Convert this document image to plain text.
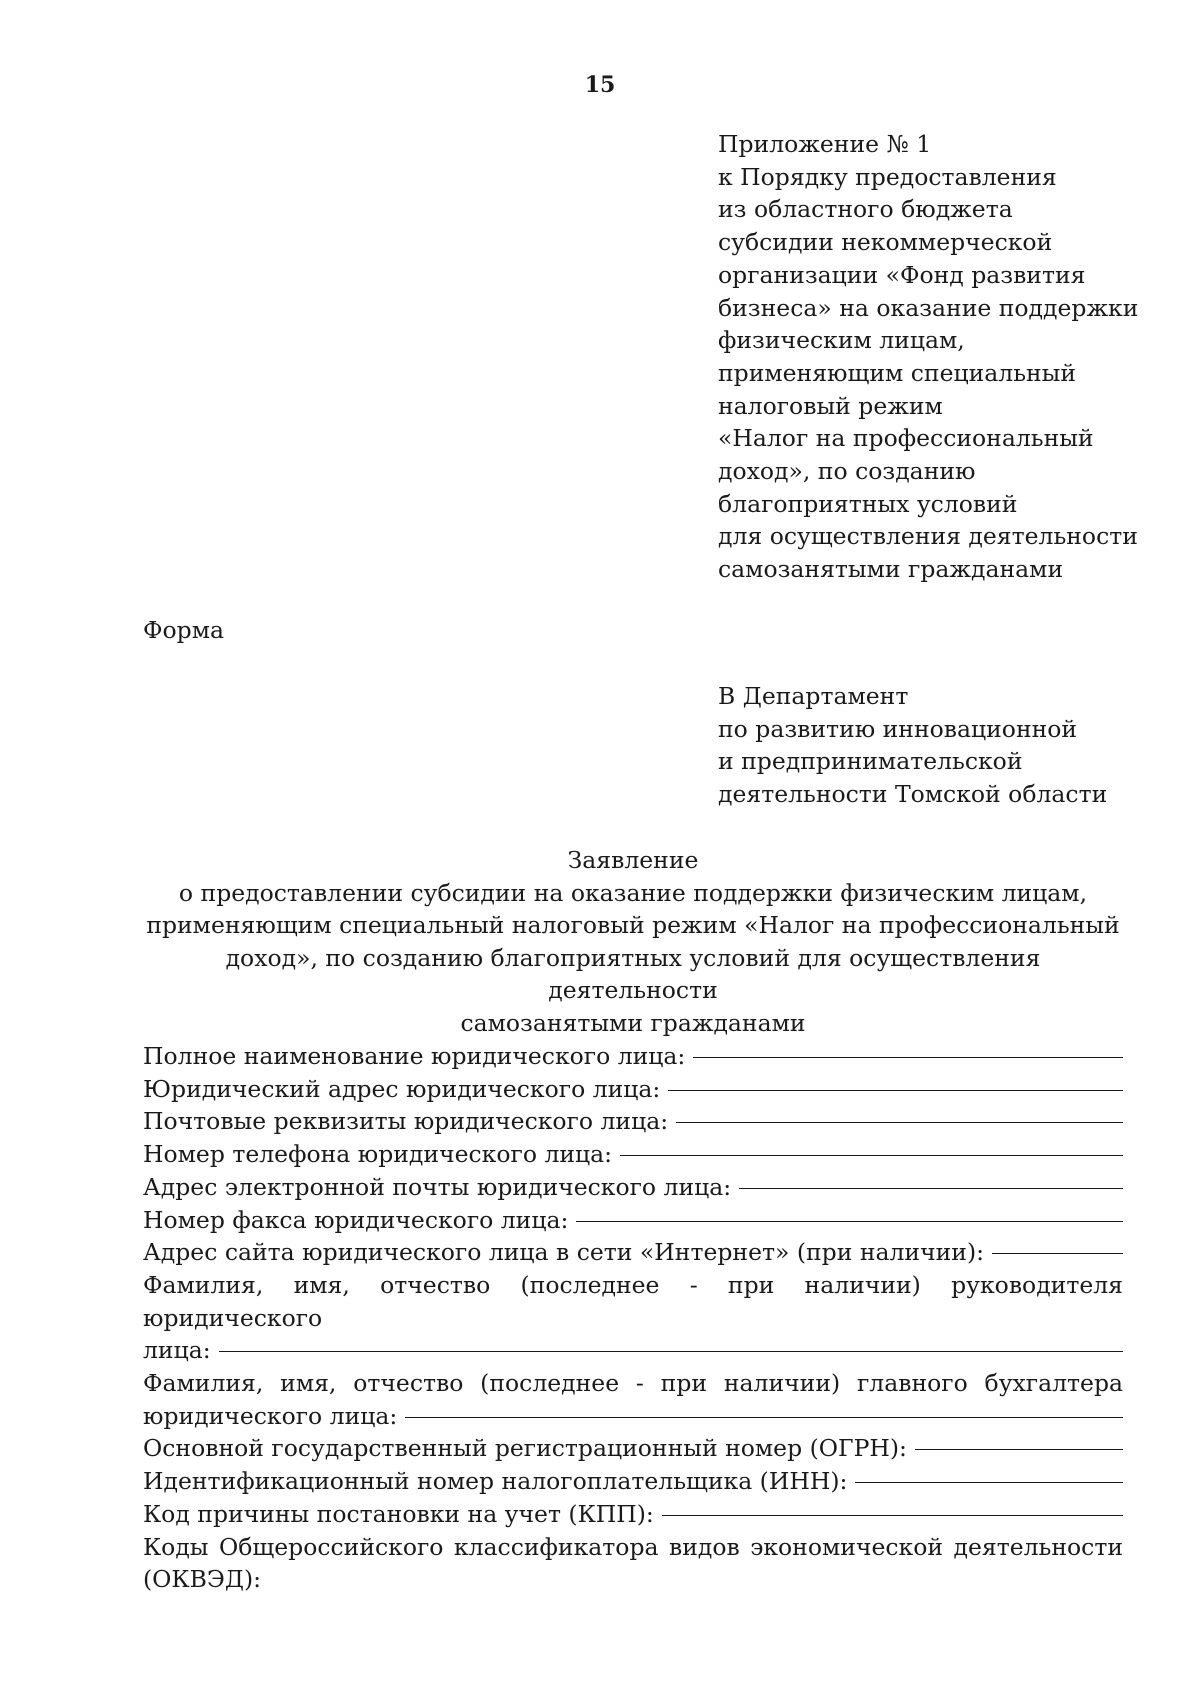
15
Приложение № 1
к Порядку предоставления
из областного бюджета
субсидии некоммерческой
организации «Фонд развития
бизнеса» на оказание поддержки
физическим лицам,
применяющим специальный
налоговый режим
«Налог на профессиональный
доход», по созданию
благоприятных условий
для осуществления деятельности
самозанятыми гражданами
Форма
В Департамент
по развитию инновационной
и предпринимательской
деятельности Томской области
Заявление
о предоставлении субсидии на оказание поддержки физическим лицам,
применяющим специальный налоговый режим «Налог на профессиональный
доход», по созданию благоприятных условий для осуществления деятельности
самозанятыми гражданами
Полное наименование юридического лица:
Юридический адрес юридического лица:
Почтовые реквизиты юридического лица:
Номер телефона юридического лица:
Адрес электронной почты юридического лица:
Номер факса юридического лица:
Адрес сайта юридического лица в сети «Интернет» (при наличии):
Фамилия, имя, отчество (последнее - при наличии) руководителя юридического
лица:
Фамилия, имя, отчество (последнее - при наличии) главного бухгалтера
юридического лица:
Основной государственный регистрационный номер (ОГРН):
Идентификационный номер налогоплательщика (ИНН):
Код причины постановки на учет (КПП):
Коды Общероссийского классификатора видов экономической деятельности
(ОКВЭД):
